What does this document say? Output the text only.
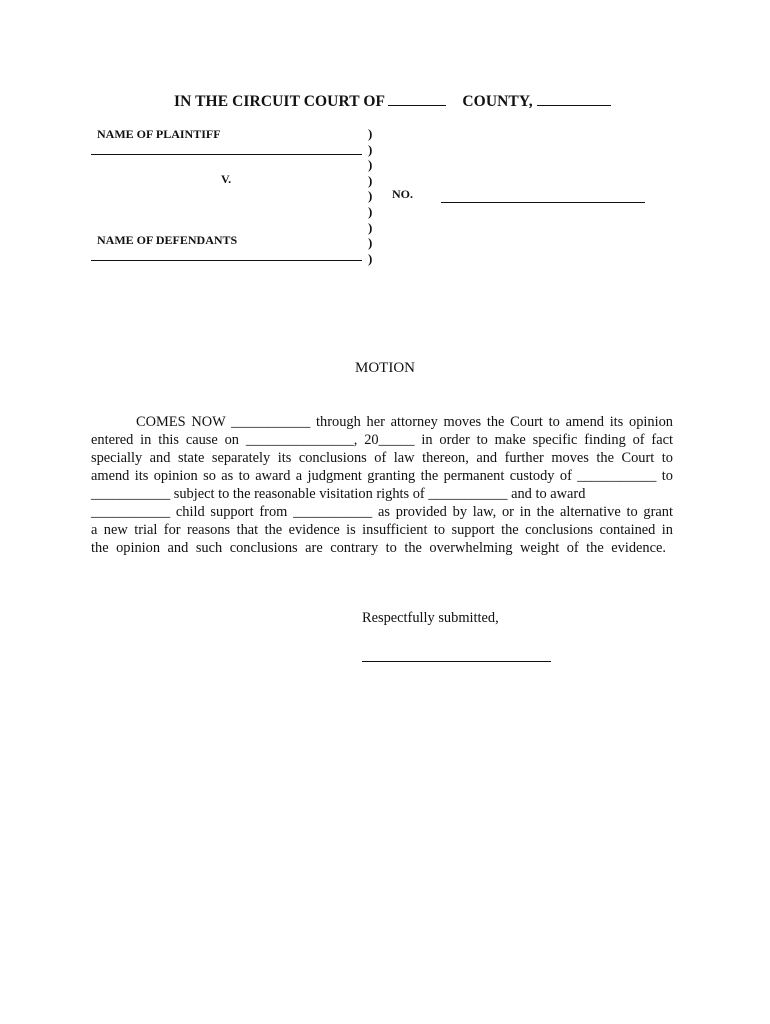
IN THE CIRCUIT COURT OF	COUNTY,
NAME OF PLAINTIFF
V.
NAME OF DEFENDANTS
)
)
)
)
)
)
)
)
)
NO.
MOTION
COMES NOW ___________ through her attorney moves the Court to amend its opinion
entered in this cause on _______________, 20_____ in order to make specific finding of fact
specially and state separately its conclusions of law thereon, and further moves the Court to
amend its opinion so as to award a judgment granting the permanent custody of ___________ to
___________ subject to the reasonable visitation rights of ___________ and to award
___________ child support from ___________ as provided by law, or in the alternative to grant
a new trial for reasons that the evidence is insufficient to support the conclusions contained in
the opinion and such conclusions are contrary to the overwhelming weight of the evidence.
Respectfully submitted,
